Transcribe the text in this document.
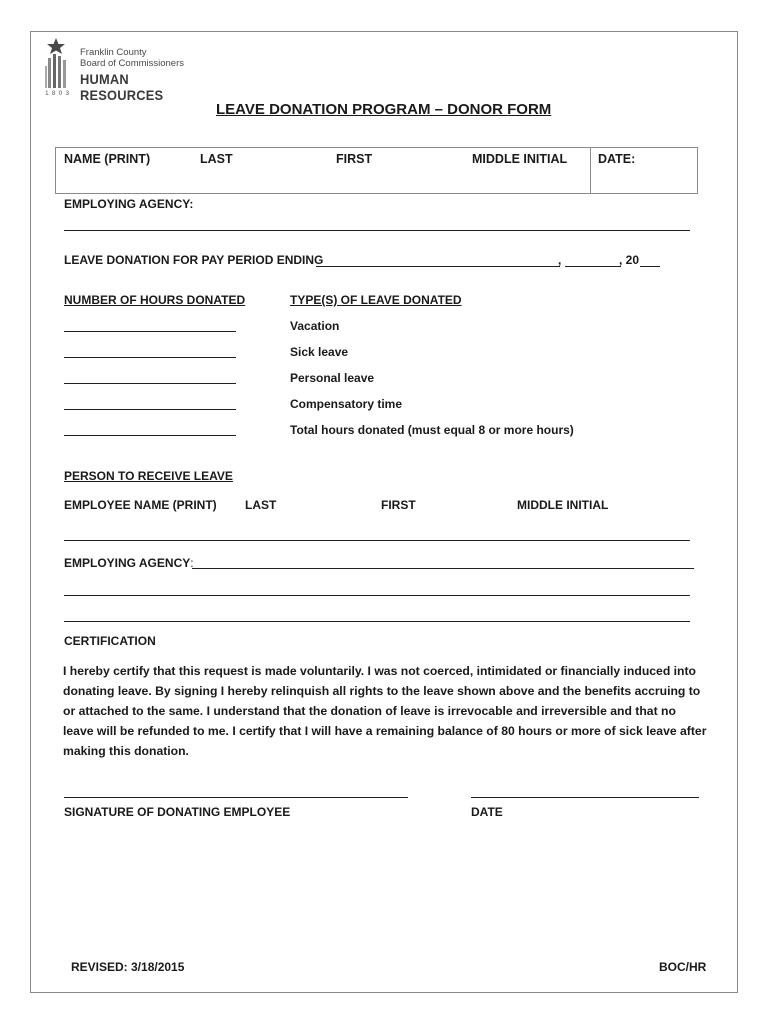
Franklin County
Board of Commissioners
HUMAN RESOURCES
1803
LEAVE DONATION PROGRAM – DONOR FORM
NAME (PRINT)	LAST	FIRST	MIDDLE INITIAL DATE:
EMPLOYING AGENCY:
LEAVE DONATION FOR PAY PERIOD ENDING	,	, 20
NUMBER OF HOURS DONATED	TYPE(S) OF LEAVE DONATED
Vacation
Sick leave
Personal leave
Compensatory time
Total hours donated (must equal 8 or more hours)
PERSON TO RECEIVE LEAVE
EMPLOYEE NAME (PRINT) LAST	FIRST	MIDDLE INITIAL
EMPLOYING AGENCY:
CERTIFICATION
I hereby certify that this request is made voluntarily. I was not coerced, intimidated or financially induced into donating leave. By signing I hereby relinquish all rights to the leave shown above and the benefits accruing to or attached to the same. I understand that the donation of leave is irrevocable and irreversible and that no leave will be refunded to me. I certify that I will have a remaining balance of 80 hours or more of sick leave after making this donation.
SIGNATURE OF DONATING EMPLOYEE	DATE
REVISED: 3/18/2015	BOC/HR
